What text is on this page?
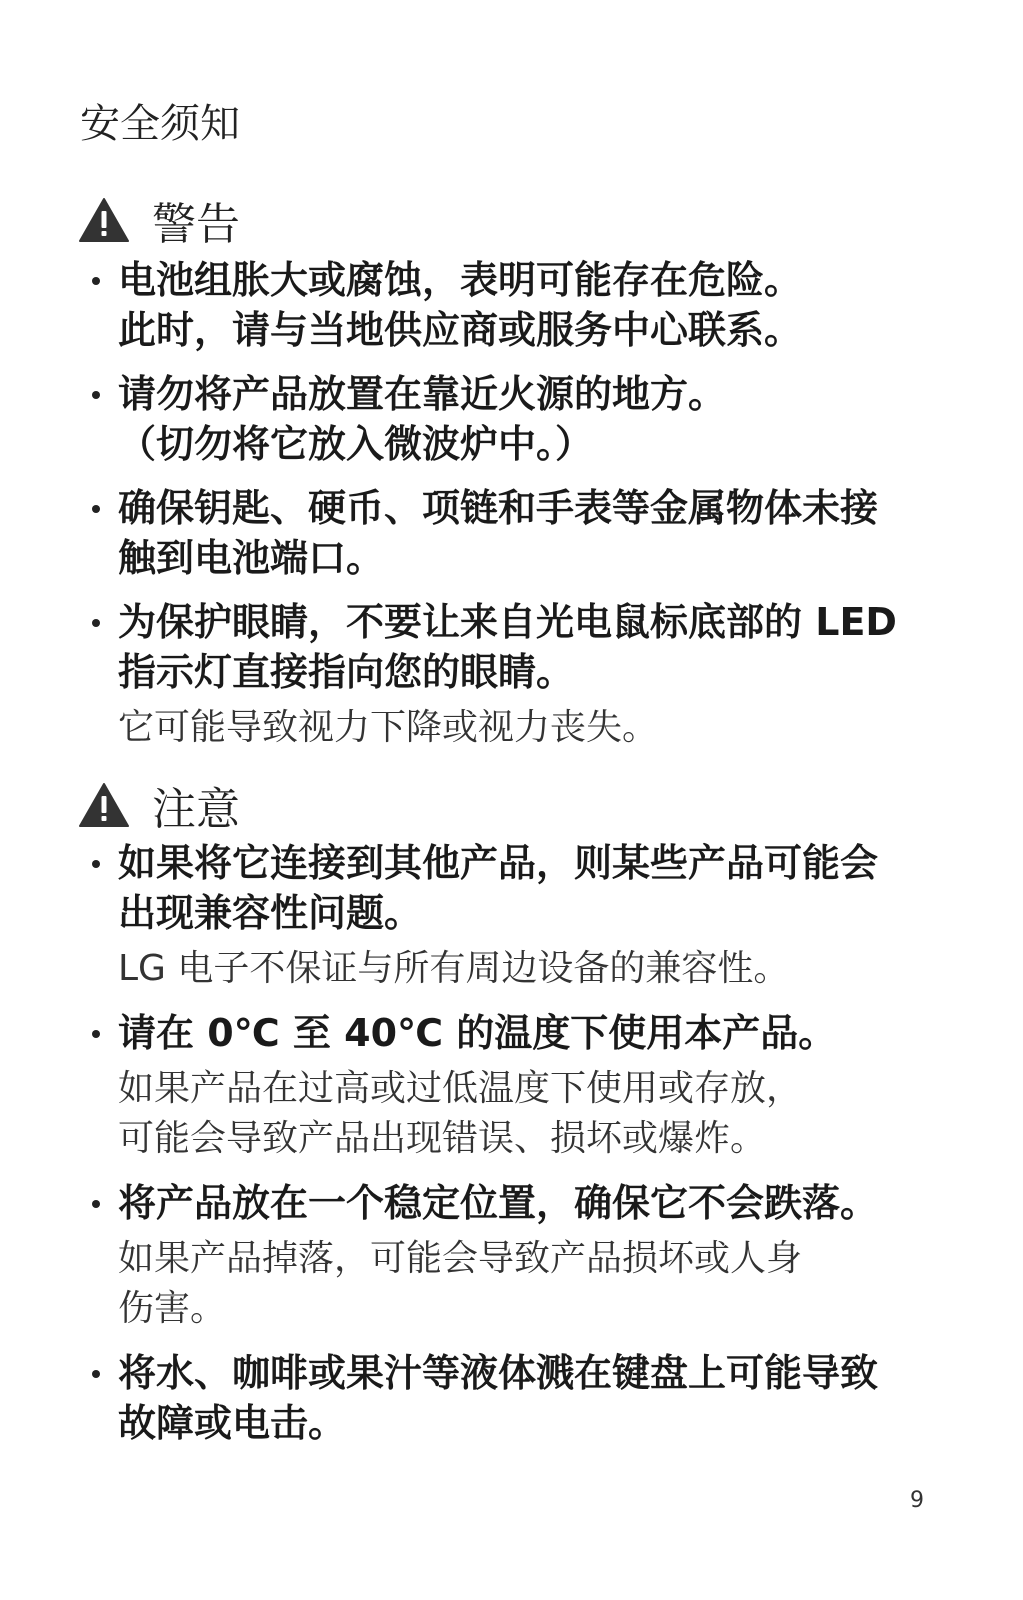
安全须知
警告
电池组胀大或腐蚀，表明可能存在危险。
此时，请与当地供应商或服务中心联系。
请勿将产品放置在靠近火源的地方。
（切勿将它放入微波炉中。）
确保钥匙、硬币、项链和手表等金属物体未接
触到电池端口。
为保护眼睛，不要让来自光电鼠标底部的 LED
指示灯直接指向您的眼睛。
它可能导致视力下降或视力丧失。
注意
如果将它连接到其他产品，则某些产品可能会
出现兼容性问题。
LG 电子不保证与所有周边设备的兼容性。
请在 0℃ 至 40℃ 的温度下使用本产品。
如果产品在过高或过低温度下使用或存放，
可能会导致产品出现错误、损坏或爆炸。
将产品放在一个稳定位置，确保它不会跌落。
如果产品掉落，可能会导致产品损坏或人身
伤害。
将水、咖啡或果汁等液体溅在键盘上可能导致
故障或电击。
9
